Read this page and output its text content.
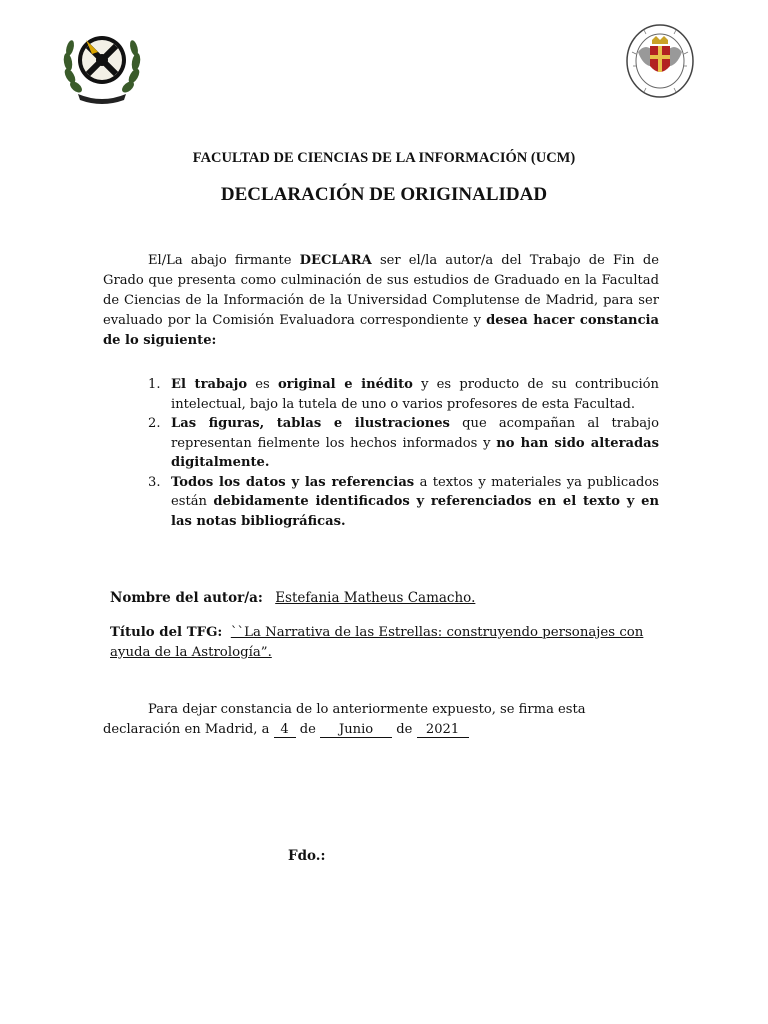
FACULTAD DE CIENCIAS DE LA INFORMACIÓN (UCM)
DECLARACIÓN DE ORIGINALIDAD
El/La abajo firmante DECLARA ser el/la autor/a del Trabajo de Fin de Grado que presenta como culminación de sus estudios de Graduado en la Facultad de Ciencias de la Información de la Universidad Complutense de Madrid, para ser evaluado por la Comisión Evaluadora correspondiente y desea hacer constancia de lo siguiente:
1. El trabajo es original e inédito y es producto de su contribución intelectual, bajo la tutela de uno o varios profesores de esta Facultad.
2. Las figuras, tablas e ilustraciones que acompañan al trabajo representan fielmente los hechos informados y no han sido alteradas digitalmente.
3. Todos los datos y las referencias a textos y materiales ya publicados están debidamente identificados y referenciados en el texto y en las notas bibliográficas.
Nombre del autor/a: Estefania Matheus Camacho.
Título del TFG: ``La Narrativa de las Estrellas: construyendo personajes con ayuda de la Astrología”.
Para dejar constancia de lo anteriormente expuesto, se firma esta declaración en Madrid, a 4 de Junio de 2021
Fdo.:
